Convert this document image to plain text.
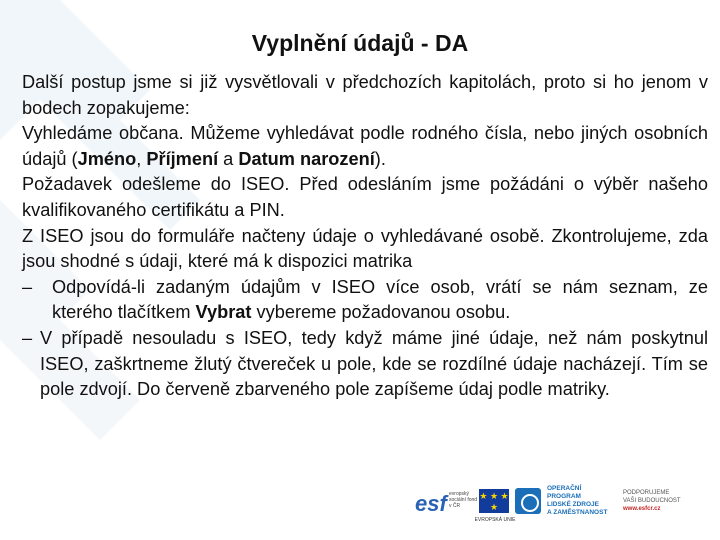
Vyplnění údajů - DA

Další postup jsme si již vysvětlovali v předchozích kapitolách, proto si ho jenom v bodech zopakujeme:

Vyhledáme občana. Můžeme vyhledávat podle rodného čísla, nebo jiných osobních údajů (Jméno, Příjmení a Datum narození).

Požadavek odešleme do ISEO. Před odesláním jsme požádáni o výběr našeho kvalifikovaného certifikátu a PIN.

Z ISEO jsou do formuláře načteny údaje o vyhledávané osobě. Zkontrolujeme, zda jsou shodné s údaji, které má k dispozici matrika

–	Odpovídá-li zadaným údajům v ISEO více osob, vrátí se nám seznam, ze kterého tlačítkem Vybrat vybereme požadovanou osobu.
– V případě nesouladu s ISEO, tedy když máme jiné údaje, než nám poskytnul ISEO, zaškrtneme žlutý čtvereček u pole, kde se rozdílné údaje nacházejí. Tím se pole zdvojí. Do červeně zbarveného pole zapíšeme údaj podle matriky.
esf evropský sociální fond v ČR
★ ★ ★ ★
EVROPSKÁ UNIE
OPERAČNÍ PROGRAM
LIDSKÉ ZDROJE
A ZAMĚSTNANOST
PODPORUJEME
VAŠI BUDOUCNOST
www.esfcr.cz
